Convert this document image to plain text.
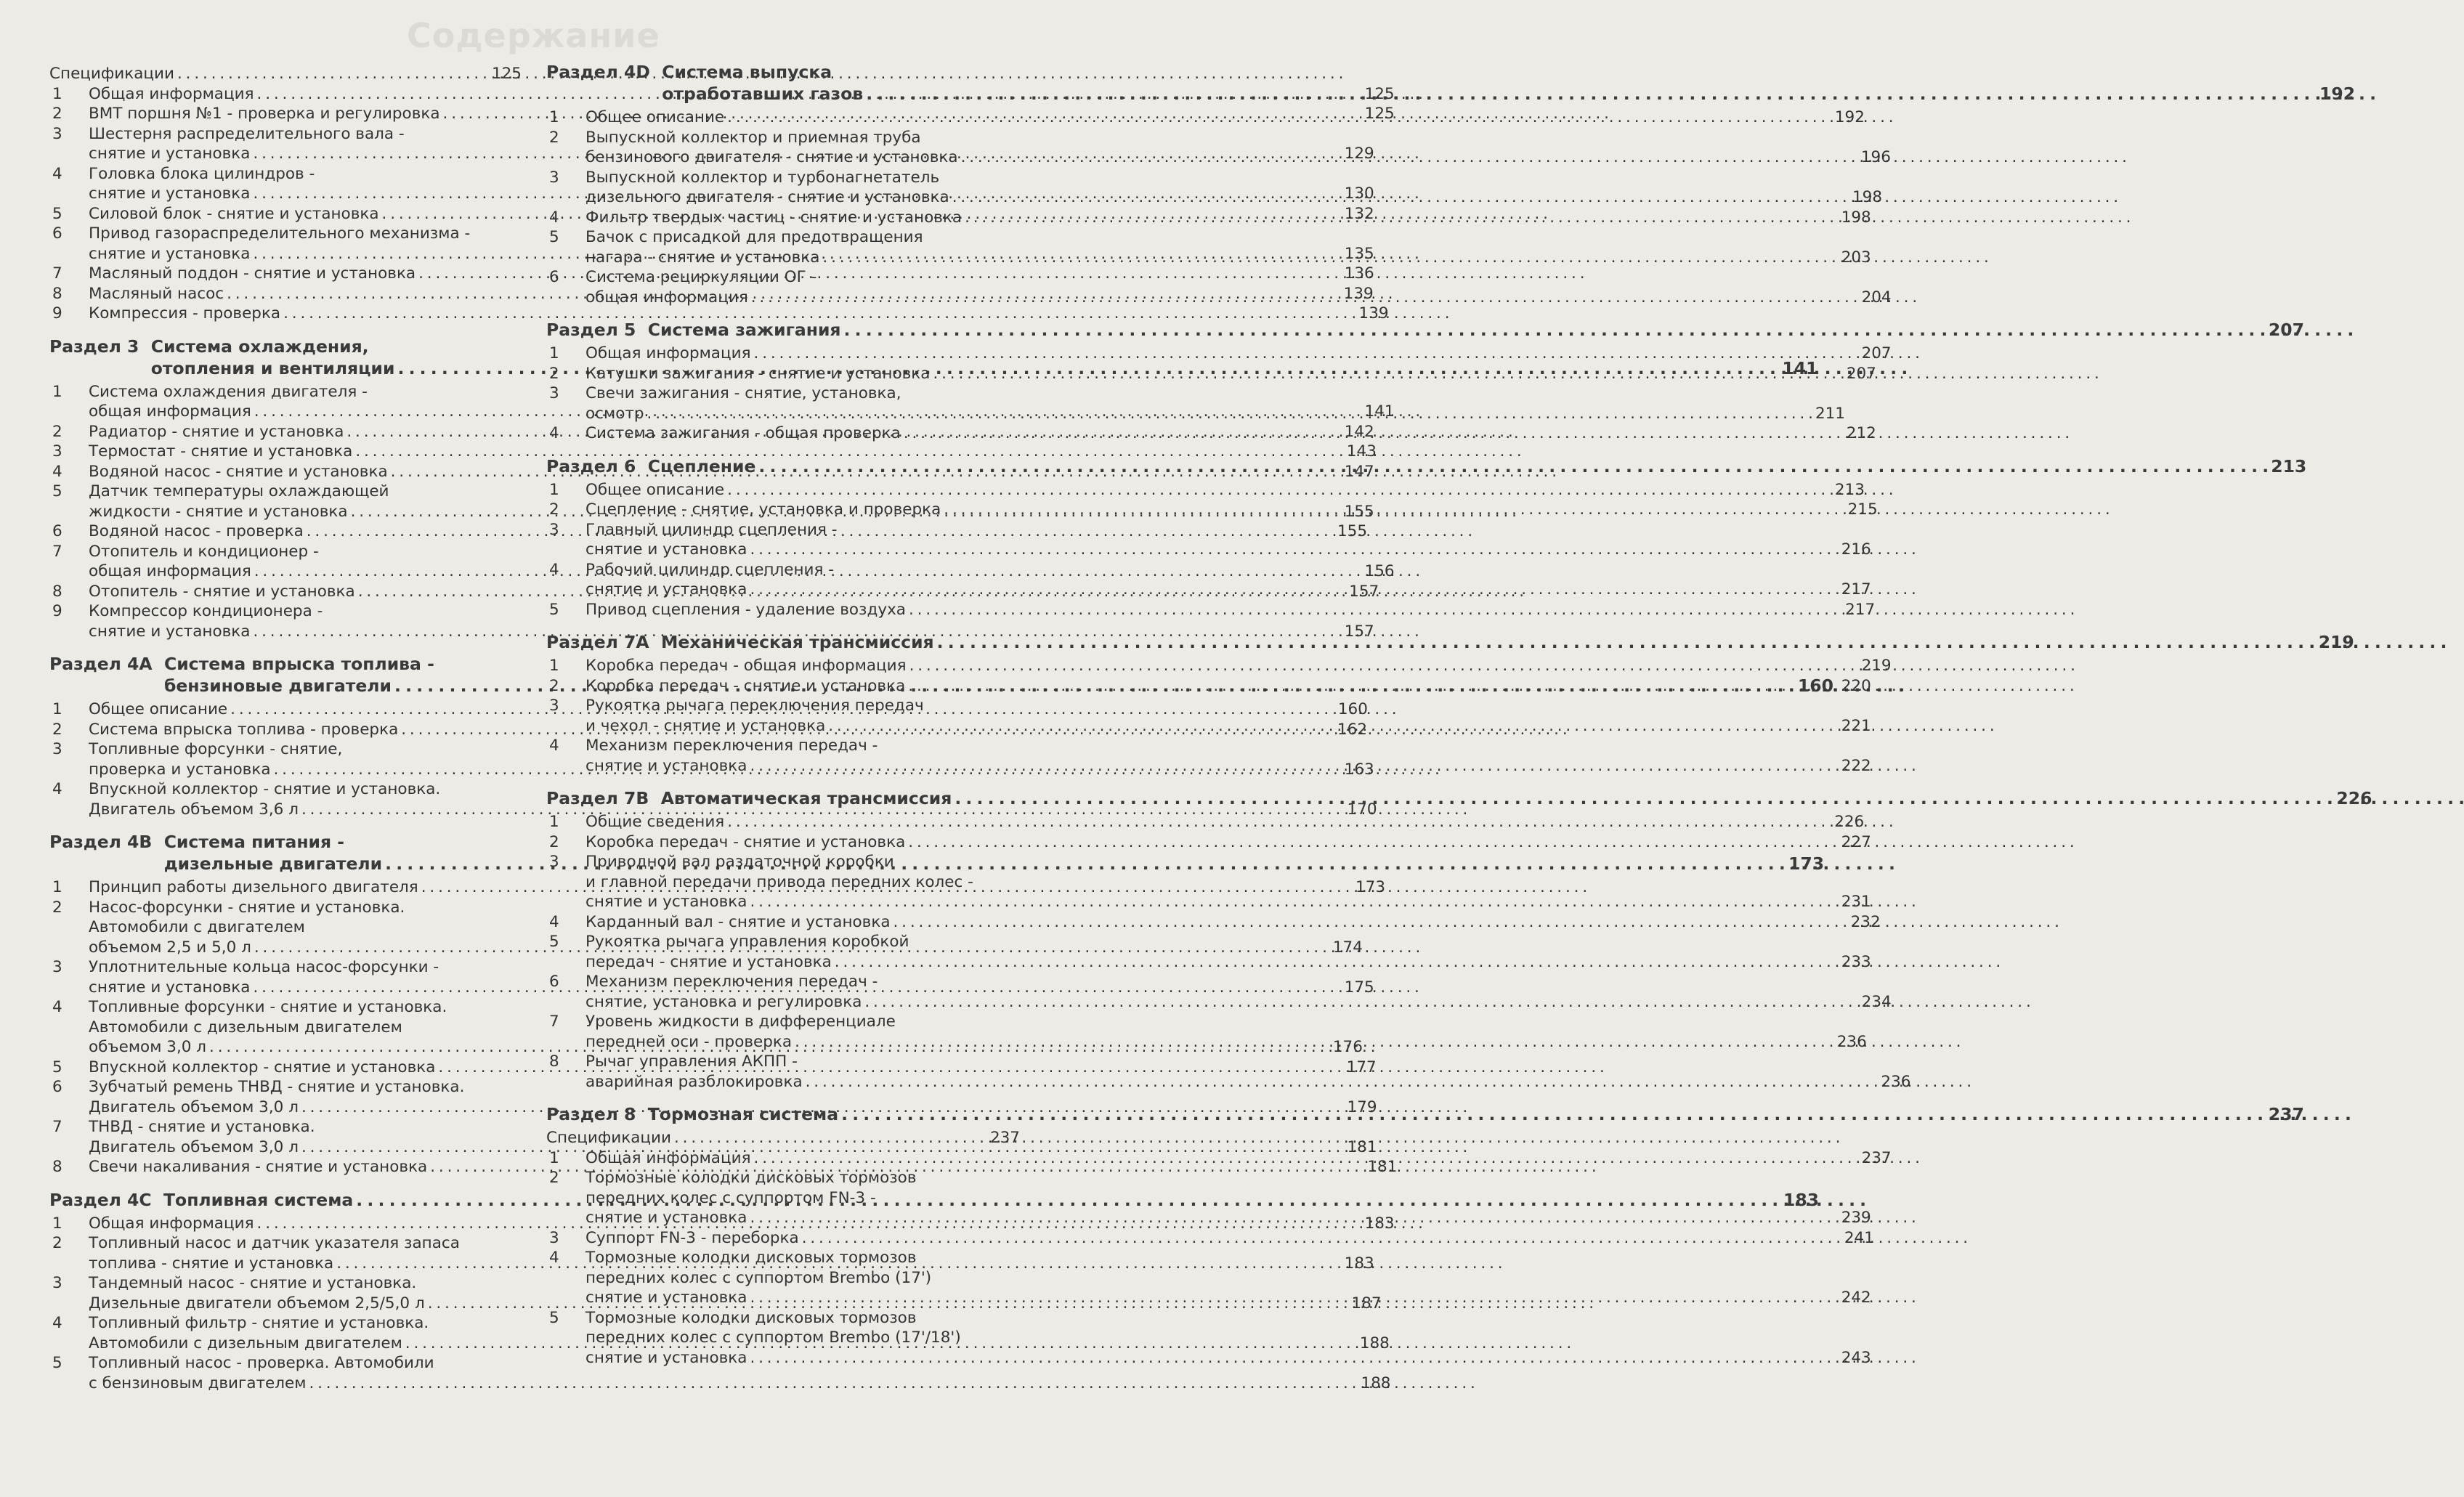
Содержание
Спецификации . . .	125
1	Общая информация . . .	125
2	ВМТ поршня №1 - проверка и регулировка . . .	125
3	Шестерня распределительного вала -
снятие и установка . . .	129
4	Головка блока цилиндров -
снятие и установка . . .	130
5	Силовой блок - снятие и установка . . .	132
6	Привод газораспределительного механизма -
снятие и установка . . .	135
7	Масляный поддон - снятие и установка . . .	136
8	Масляный насос . . .	139
9	Компрессия - проверка . . .	139
Раздел 3 Система охлаждения,
отопления и вентиляции . . .	141
1	Система охлаждения двигателя -
общая информация . . .	141
2	Радиатор - снятие и установка . . .	142
3	Термостат - снятие и установка . . .	143
4	Водяной насос - снятие и установка . . .	147
5	Датчик температуры охлаждающей
жидкости - снятие и установка . . .	155
6	Водяной насос - проверка . . .	155
7	Отопитель и кондиционер -
общая информация . . .	156
8	Отопитель - снятие и установка . . .	157
9	Компрессор кондиционера -
снятие и установка . . .	157
Раздел 4А Система впрыска топлива -
бензиновые двигатели . . .	160
1	Общее описание . . .	160
2	Система впрыска топлива - проверка . . .	162
3	Топливные форсунки - снятие,
проверка и установка . . .	163
4	Впускной коллектор - снятие и установка.
Двигатель объемом 3,6 л . . .	170
Раздел 4В Система питания -
дизельные двигатели . . .	173
1	Принцип работы дизельного двигателя . . .	173
2	Насос-форсунки - снятие и установка.
Автомобили с двигателем
объемом 2,5 и 5,0 л . . .	174
3	Уплотнительные кольца насос-форсунки -
снятие и установка . . .	175
4	Топливные форсунки - снятие и установка.
Автомобили с дизельным двигателем
объемом 3,0 л . . .	176
5	Впускной коллектор - снятие и установка . . .	177
6	Зубчатый ремень ТНВД - снятие и установка.
Двигатель объемом 3,0 л . . .	179
7	ТНВД - снятие и установка.
Двигатель объемом 3,0 л . . .	181
8	Свечи накаливания - снятие и установка . . .	181
Раздел 4С Топливная система . . .	183
1	Общая информация . . .	183
2	Топливный насос и датчик указателя запаса
топлива - снятие и установка . . .	183
3	Тандемный насос - снятие и установка.
Дизельные двигатели объемом 2,5/5,0 л . . .	187
4	Топливный фильтр - снятие и установка.
Автомобили с дизельным двигателем . . .	188
5	Топливный насос - проверка. Автомобили
с бензиновым двигателем . . .	188
Раздел 4D Система выпуска
отработавших газов . . .	192
1	Общее описание . . .	192
2	Выпускной коллектор и приемная труба
бензинового двигателя - снятие и установка . . .	196
3	Выпускной коллектор и турбонагнетатель
дизельного двигателя - снятие и установка . . .	198
4	Фильтр твердых частиц - снятие и установка . . .	198
5	Бачок с присадкой для предотвращения
нагара - снятие и установка . . .	203
6	Система рециркуляции ОГ -
общая информация . . .	204
Раздел 5 Система зажигания . . .	207
1	Общая информация . . .	207
2	Катушки зажигания - снятие и установка . . .	207
3	Свечи зажигания - снятие, установка,
осмотр . . .	211
4	Система зажигания - общая проверка . . .	212
Раздел 6 Сцепление . . .	213
1	Общее описание . . .	213
2	Сцепление - снятие, установка и проверка . . .	215
3	Главный цилиндр сцепления -
снятие и установка . . .	216
4	Рабочий цилиндр сцепления -
снятие и установка . . .	217
5	Привод сцепления - удаление воздуха . . .	217
Раздел 7А Механическая трансмиссия . . .	219
1	Коробка передач - общая информация . . .	219
2	Коробка передач - снятие и установка . . .	220
3	Рукоятка рычага переключения передач
и чехол - снятие и установка . . .	221
4	Механизм переключения передач -
снятие и установка . . .	222
Раздел 7В Автоматическая трансмиссия . . .	226
1	Общие сведения . . .	226
2	Коробка передач - снятие и установка . . .	227
3	Приводной вал раздаточной коробки
и главной передачи привода передних колес -
снятие и установка . . .	231
4	Карданный вал - снятие и установка . . .	232
5	Рукоятка рычага управления коробкой
передач - снятие и установка . . .	233
6	Механизм переключения передач -
снятие, установка и регулировка . . .	234
7	Уровень жидкости в дифференциале
передней оси - проверка . . .	236
8	Рычаг управления АКПП -
аварийная разблокировка . . .	236
Раздел 8 Тормозная система . . .	237
Спецификации . . .	237
1	Общая информация . . .	237
2	Тормозные колодки дисковых тормозов
передних колес с суппортом FN-3 -
снятие и установка . . .	239
3	Суппорт FN-3 - переборка . . .	241
4	Тормозные колодки дисковых тормозов
передних колес с суппортом Brembo (17')
снятие и установка . . .	242
5	Тормозные колодки дисковых тормозов
передних колес с суппортом Brembo (17'/18')
снятие и установка . . .	243
